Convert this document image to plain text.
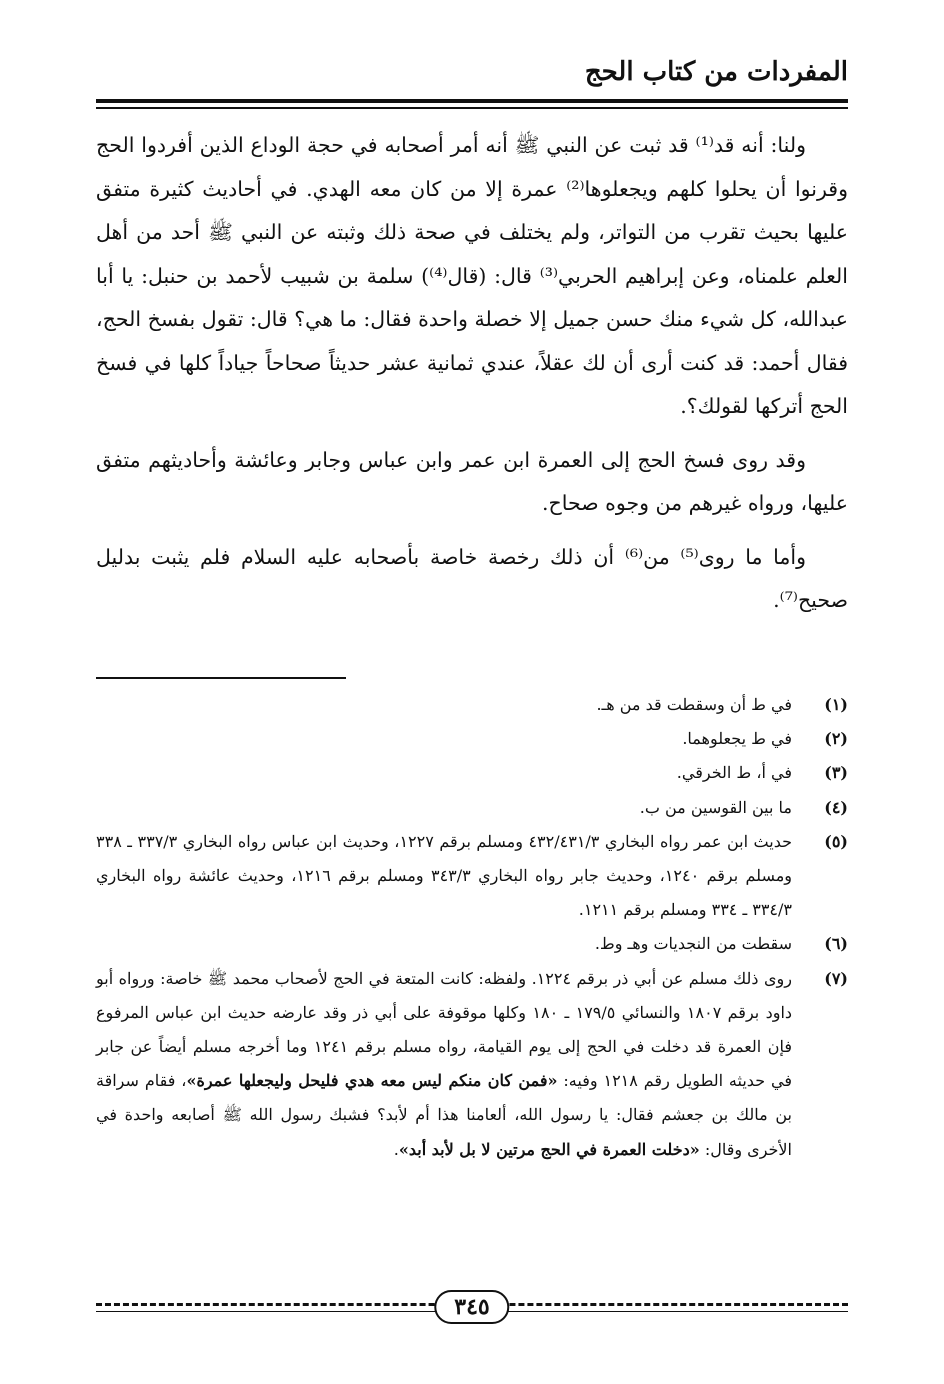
المفردات من كتاب الحج

ولنا: أنه قد⁽¹⁾ قد ثبت عن النبي ﷺ أنه أمر أصحابه في حجة الوداع الذين أفردوا الحج وقرنوا أن يحلوا كلهم ويجعلوها⁽²⁾ عمرة إلا من كان معه الهدي. في أحاديث كثيرة متفق عليها بحيث تقرب من التواتر، ولم يختلف في صحة ذلك وثبته عن النبي ﷺ أحد من أهل العلم علمناه، وعن إبراهيم الحربي⁽³⁾ قال: (قال⁽⁴⁾) سلمة بن شبيب لأحمد بن حنبل: يا أبا عبدالله، كل شيء منك حسن جميل إلا خصلة واحدة فقال: ما هي؟ قال: تقول بفسخ الحج، فقال أحمد: قد كنت أرى أن لك عقلاً، عندي ثمانية عشر حديثاً صحاحاً جياداً كلها في فسخ الحج أتركها لقولك؟.

وقد روى فسخ الحج إلى العمرة ابن عمر وابن عباس وجابر وعائشة وأحاديثهم متفق عليها، ورواه غيرهم من وجوه صحاح.

وأما ما روى⁽⁵⁾ من⁽⁶⁾ أن ذلك رخصة خاصة بأصحابه عليه السلام فلم يثبت بدليل صحيح⁽⁷⁾.

(١)
في ط أن وسقطت قد من هـ.
(٢)
في ط يجعلوهما.
(٣)
في أ، ط الخرقي.
(٤)
ما بين القوسين من ب.
(٥)
حديث ابن عمر رواه البخاري ٤٣٢/٤٣١/٣ ومسلم برقم ١٢٢٧، وحديث ابن عباس رواه البخاري ٣٣٧/٣ ـ ٣٣٨ ومسلم برقم ١٢٤٠، وحديث جابر رواه البخاري ٣٤٣/٣ ومسلم برقم ١٢١٦، وحديث عائشة رواه البخاري ٣٣٤/٣ ـ ٣٣٤ ومسلم برقم ١٢١١.
(٦)
سقطت من النجديات وهـ وط.
(٧)
روى ذلك مسلم عن أبي ذر برقم ١٢٢٤. ولفظه: كانت المتعة في الحج لأصحاب محمد ﷺ خاصة: ورواه أبو داود برقم ١٨٠٧ والنسائي ١٧٩/٥ ـ ١٨٠ وكلها موقوفة على أبي ذر وقد عارضه حديث ابن عباس المرفوع فإن العمرة قد دخلت في الحج إلى يوم القيامة، رواه مسلم برقم ١٢٤١ وما أخرجه مسلم أيضاً عن جابر في حديثه الطويل رقم ١٢١٨ وفيه: «فمن كان منكم ليس معه هدي فليحل وليجعلها عمرة»، فقام سراقة بن مالك بن جعشم فقال: يا رسول الله، ألعامنا هذا أم لأبد؟ فشبك رسول الله ﷺ أصابعه واحدة في الأخرى وقال: «دخلت العمرة في الحج مرتين لا بل لأبد أبد».
٣٤٥
